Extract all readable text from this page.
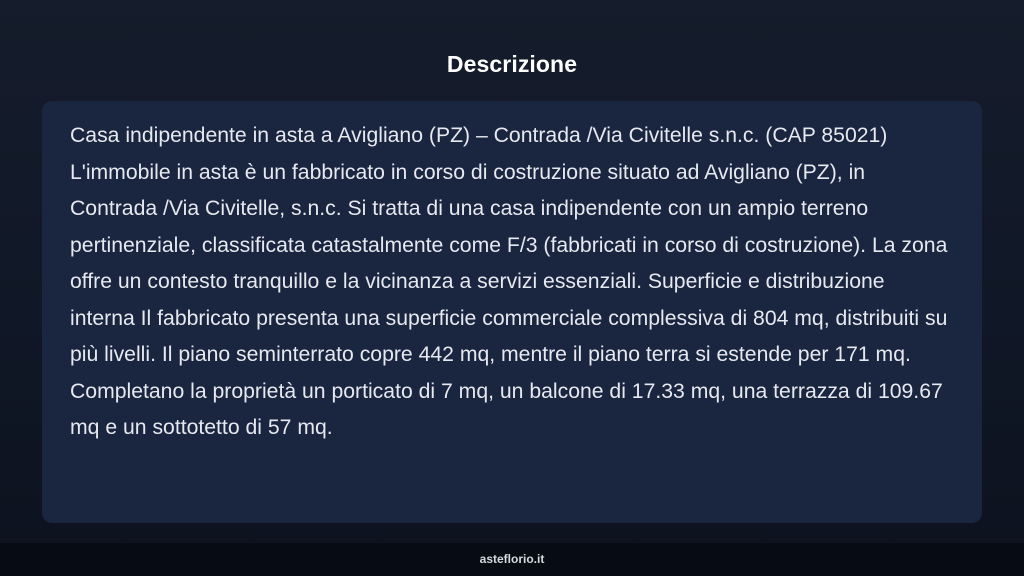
Descrizione

Casa indipendente in asta a Avigliano (PZ) – Contrada /Via Civitelle s.n.c. (CAP 85021) L'immobile in asta è un fabbricato in corso di costruzione situato ad Avigliano (PZ), in Contrada /Via Civitelle, s.n.c. Si tratta di una casa indipendente con un ampio terreno pertinenziale, classificata catastalmente come F/3 (fabbricati in corso di costruzione). La zona offre un contesto tranquillo e la vicinanza a servizi essenziali. Superficie e distribuzione interna Il fabbricato presenta una superficie commerciale complessiva di 804 mq, distribuiti su più livelli. Il piano seminterrato copre 442 mq, mentre il piano terra si estende per 171 mq. Completano la proprietà un porticato di 7 mq, un balcone di 17.33 mq, una terrazza di 109.67 mq e un sottotetto di 57 mq.

asteflorio.it
